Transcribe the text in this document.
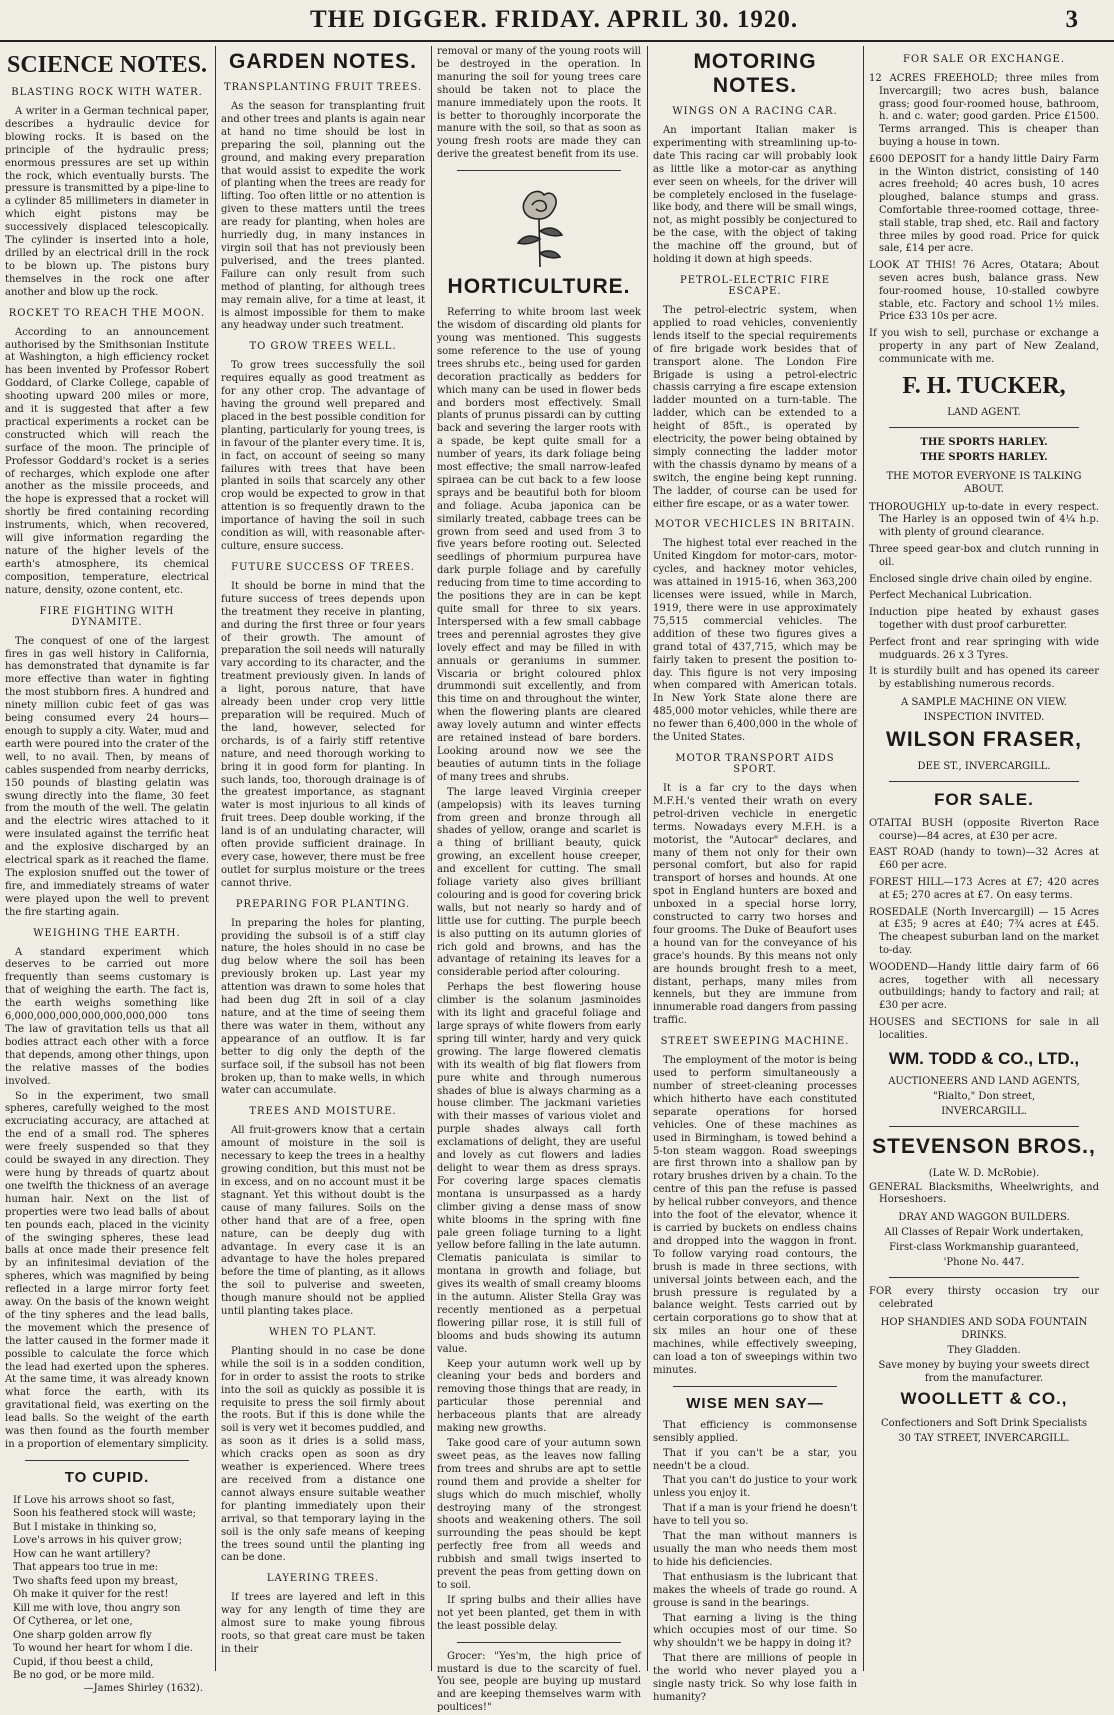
THE DIGGER. FRIDAY. APRIL 30. 1920.	3
SCIENCE NOTES.
BLASTING ROCK WITH WATER.

A writer in a German technical paper, describes a hydraulic device for blowing rocks. It is based on the principle of the hydraulic press; enormous pressures are set up within the rock, which eventually bursts. The pressure is transmitted by a pipe-line to a cylinder 85 millimeters in diameter in which eight pistons may be successively displaced telescopically. The cylinder is inserted into a hole, drilled by an electrical drill in the rock to be blown up. The pistons bury themselves in the rock one after another and blow up the rock.

ROCKET TO REACH THE MOON.

According to an announcement authorised by the Smithsonian Institute at Washington, a high efficiency rocket has been invented by Professor Robert Goddard, of Clarke College, capable of shooting upward 200 miles or more, and it is suggested that after a few practical experiments a rocket can be constructed which will reach the surface of the moon. The principle of Professor Goddard's rocket is a series of recharges, which explode one after another as the missile proceeds, and the hope is expressed that a rocket will shortly be fired containing recording instruments, which, when recovered, will give information regarding the nature of the higher levels of the earth's atmosphere, its chemical composition, temperature, electrical nature, density, ozone content, etc.

FIRE FIGHTING WITH DYNAMITE.

The conquest of one of the largest fires in gas well history in California, has demonstrated that dynamite is far more effective than water in fighting the most stubborn fires. A hundred and ninety million cubic feet of gas was being consumed every 24 hours—enough to supply a city. Water, mud and earth were poured into the crater of the well, to no avail. Then, by means of cables suspended from nearby derricks, 150 pounds of blasting gelatin was swung directly into the flame, 30 feet from the mouth of the well. The gelatin and the electric wires attached to it were insulated against the terrific heat and the explosive discharged by an electrical spark as it reached the flame. The explosion snuffed out the tower of fire, and immediately streams of water were played upon the well to prevent the fire starting again.

WEIGHING THE EARTH.

A standard experiment which deserves to be carried out more frequently than seems customary is that of weighing the earth. The fact is, the earth weighs something like 6,000,000,000,000,000,000,000 tons The law of gravitation tells us that all bodies attract each other with a force that depends, among other things, upon the relative masses of the bodies involved.

So in the experiment, two small spheres, carefully weighed to the most excruciating accuracy, are attached at the end of a small rod. The spheres were freely suspended so that they could be swayed in any direction. They were hung by threads of quartz about one twelfth the thickness of an average human hair. Next on the list of properties were two lead balls of about ten pounds each, placed in the vicinity of the swinging spheres, these lead balls at once made their presence felt by an infinitesimal deviation of the spheres, which was magnified by being reflected in a large mirror forty feet away. On the basis of the known weight of the tiny spheres and the lead balls, the movement which the presence of the latter caused in the former made it possible to calculate the force which the lead had exerted upon the spheres. At the same time, it was already known what force the earth, with its gravitational field, was exerting on the lead balls. So the weight of the earth was then found as the fourth member in a proportion of elementary simplicity.

TO CUPID.
If Love his arrows shoot so fast,
Soon his feathered stock will waste;
But I mistake in thinking so,
Love's arrows in his quiver grow;
How can he want artillery?
That appears too true in me:
Two shafts feed upon my breast,
Oh make it quiver for the rest!
Kill me with love, thou angry son
Of Cytherea, or let one,
One sharp golden arrow fly
To wound her heart for whom I die.
Cupid, if thou beest a child,
Be no god, or be more mild.
—James Shirley (1632).
GARDEN NOTES.
TRANSPLANTING FRUIT TREES.

As the season for transplanting fruit and other trees and plants is again near at hand no time should be lost in preparing the soil, planning out the ground, and making every preparation that would assist to expedite the work of planting when the trees are ready for lifting. Too often little or no attention is given to these matters until the trees are ready for planting, when holes are hurriedly dug, in many instances in virgin soil that has not previously been pulverised, and the trees planted. Failure can only result from such method of planting, for although trees may remain alive, for a time at least, it is almost impossible for them to make any headway under such treatment.

TO GROW TREES WELL.

To grow trees successfully the soil requires equally as good treatment as for any other crop. The advantage of having the ground well prepared and placed in the best possible condition for planting, particularly for young trees, is in favour of the planter every time. It is, in fact, on account of seeing so many failures with trees that have been planted in soils that scarcely any other crop would be expected to grow in that attention is so frequently drawn to the importance of having the soil in such condition as will, with reasonable after-culture, ensure success.

FUTURE SUCCESS OF TREES.

It should be borne in mind that the future success of trees depends upon the treatment they receive in planting, and during the first three or four years of their growth. The amount of preparation the soil needs will naturally vary according to its character, and the treatment previously given. In lands of a light, porous nature, that have already been under crop very little preparation will be required. Much of the land, however, selected for orchards, is of a fairly stiff retentive nature, and need thorough working to bring it in good form for planting. In such lands, too, thorough drainage is of the greatest importance, as stagnant water is most injurious to all kinds of fruit trees. Deep double working, if the land is of an undulating character, will often provide sufficient drainage. In every case, however, there must be free outlet for surplus moisture or the trees cannot thrive.

PREPARING FOR PLANTING.

In preparing the holes for planting, providing the subsoil is of a stiff clay nature, the holes should in no case be dug below where the soil has been previously broken up. Last year my attention was drawn to some holes that had been dug 2ft in soil of a clay nature, and at the time of seeing them there was water in them, without any appearance of an outflow. It is far better to dig only the depth of the surface soil, if the subsoil has not been broken up, than to make wells, in which water can accumulate.

TREES AND MOISTURE.

All fruit-growers know that a certain amount of moisture in the soil is necessary to keep the trees in a healthy growing condition, but this must not be in excess, and on no account must it be stagnant. Yet this without doubt is the cause of many failures. Soils on the other hand that are of a free, open nature, can be deeply dug with advantage. In every case it is an advantage to have the holes prepared before the time of planting, as it allows the soil to pulverise and sweeten, though manure should not be applied until planting takes place.

WHEN TO PLANT.

Planting should in no case be done while the soil is in a sodden condition, for in order to assist the roots to strike into the soil as quickly as possible it is requisite to press the soil firmly about the roots. But if this is done while the soil is very wet it becomes puddled, and as soon as it dries is a solid mass, which cracks open as soon as dry weather is experienced. Where trees are received from a distance one cannot always ensure suitable weather for planting immediately upon their arrival, so that temporary laying in the soil is the only safe means of keeping the trees sound until the planting ing can be done.

LAYERING TREES.

If trees are layered and left in this way for any length of time they are almost sure to make young fibrous roots, so that great care must be taken in their

removal or many of the young roots will be destroyed in the operation. In manuring the soil for young trees care should be taken not to place the manure immediately upon the roots. It is better to thoroughly incorporate the manure with the soil, so that as soon as young fresh roots are made they can derive the greatest benefit from its use.

HORTICULTURE.

Referring to white broom last week the wisdom of discarding old plants for young was mentioned. This suggests some reference to the use of young trees shrubs etc., being used for garden decoration practically as bedders for which many can be used in flower beds and borders most effectively. Small plants of prunus pissardi can by cutting back and severing the larger roots with a spade, be kept quite small for a number of years, its dark foliage being most effective; the small narrow-leafed spiraea can be cut back to a few loose sprays and be beautiful both for bloom and foliage. Acuba japonica can be similarly treated, cabbage trees can be grown from seed and used from 3 to five years before rooting out. Selected seedlings of phormium purpurea have dark purple foliage and by carefully reducing from time to time according to the positions they are in can be kept quite small for three to six years. Interspersed with a few small cabbage trees and perennial agrostes they give lovely effect and may be filled in with annuals or geraniums in summer. Viscaria or bright coloured phlox drummondi suit excellently, and from this time on and throughout the winter, when the flowering plants are cleared away lovely autumn and winter effects are retained instead of bare borders. Looking around now we see the beauties of autumn tints in the foliage of many trees and shrubs.

The large leaved Virginia creeper (ampelopsis) with its leaves turning from green and bronze through all shades of yellow, orange and scarlet is a thing of brilliant beauty, quick growing, an excellent house creeper, and excellent for cutting. The small foliage variety also gives brilliant colouring and is good for covering brick walls, but not nearly so hardy and of little use for cutting. The purple beech is also putting on its autumn glories of rich gold and browns, and has the advantage of retaining its leaves for a considerable period after colouring.

Perhaps the best flowering house climber is the solanum jasminoides with its light and graceful foliage and large sprays of white flowers from early spring till winter, hardy and very quick growing. The large flowered clematis with its wealth of big flat flowers from pure white and through numerous shades of blue is always charming as a house climber. The jackmani varieties with their masses of various violet and purple shades always call forth exclamations of delight, they are useful and lovely as cut flowers and ladies delight to wear them as dress sprays. For covering large spaces clematis montana is unsurpassed as a hardy climber giving a dense mass of snow white blooms in the spring with fine pale green foliage turning to a light yellow before falling in the late autumn. Clematis paniculata is similar to montana in growth and foliage, but gives its wealth of small creamy blooms in the autumn. Alister Stella Gray was recently mentioned as a perpetual flowering pillar rose, it is still full of blooms and buds showing its autumn value.

Keep your autumn work well up by cleaning your beds and borders and removing those things that are ready, in particular those perennial and herbaceous plants that are already making new growths.

Take good care of your autumn sown sweet peas, as the leaves now falling from trees and shrubs are apt to settle round them and provide a shelter for slugs which do much mischief, wholly destroying many of the strongest shoots and weakening others. The soil surrounding the peas should be kept perfectly free from all weeds and rubbish and small twigs inserted to prevent the peas from getting down on to soil.

If spring bulbs and their allies have not yet been planted, get them in with the least possible delay.

Grocer: "Yes'm, the high price of mustard is due to the scarcity of fuel. You see, people are buying up mustard and are keeping themselves warm with poultices!"

MOTORING NOTES.
WINGS ON A RACING CAR.

An important Italian maker is experimenting with streamlining up-to-date This racing car will probably look as little like a motor-car as anything ever seen on wheels, for the driver will be completely enclosed in the fuselage-like body, and there will be small wings, not, as might possibly be conjectured to be the case, with the object of taking the machine off the ground, but of holding it down at high speeds.

PETROL-ELECTRIC FIRE ESCAPE.

The petrol-electric system, when applied to road vehicles, conveniently lends itself to the special requirements of fire brigade work besides that of transport alone. The London Fire Brigade is using a petrol-electric chassis carrying a fire escape extension ladder mounted on a turn-table. The ladder, which can be extended to a height of 85ft., is operated by electricity, the power being obtained by simply connecting the ladder motor with the chassis dynamo by means of a switch, the engine being kept running. The ladder, of course can be used for either fire escape, or as a water tower.

MOTOR VECHICLES IN BRITAIN.

The highest total ever reached in the United Kingdom for motor-cars, motor-cycles, and hackney motor vehicles, was attained in 1915-16, when 363,200 licenses were issued, while in March, 1919, there were in use approximately 75,515 commercial vehicles. The addition of these two figures gives a grand total of 437,715, which may be fairly taken to present the position to-day. This figure is not very imposing when compared with American totals. In New York State alone there are 485,000 motor vehicles, while there are no fewer than 6,400,000 in the whole of the United States.

MOTOR TRANSPORT AIDS SPORT.

It is a far cry to the days when M.F.H.'s vented their wrath on every petrol-driven vechicle in energetic terms. Nowadays every M.F.H. is a motorist, the "Autocar" declares, and many of them not only for their own personal comfort, but also for rapid transport of horses and hounds. At one spot in England hunters are boxed and unboxed in a special horse lorry, constructed to carry two horses and four grooms. The Duke of Beaufort uses a hound van for the conveyance of his grace's hounds. By this means not only are hounds brought fresh to a meet, distant, perhaps, many miles from kennels, but they are immune from innumerable road dangers from passing traffic.

STREET SWEEPING MACHINE.

The employment of the motor is being used to perform simultaneously a number of street-cleaning processes which hitherto have each constituted separate operations for horsed vehicles. One of these machines as used in Birmingham, is towed behind a 5-ton steam waggon. Road sweepings are first thrown into a shallow pan by rotary brushes driven by a chain. To the centre of this pan the refuse is passed by helical rubber conveyors, and thence into the foot of the elevator, whence it is carried by buckets on endless chains and dropped into the waggon in front. To follow varying road contours, the brush is made in three sections, with universal joints between each, and the brush pressure is regulated by a balance weight. Tests carried out by certain corporations go to show that at six miles an hour one of these machines, while effectively sweeping, can load a ton of sweepings within two minutes.

WISE MEN SAY—

That efficiency is commonsense sensibly applied.

That if you can't be a star, you needn't be a cloud.

That you can't do justice to your work unless you enjoy it.

That if a man is your friend he doesn't have to tell you so.

That the man without manners is usually the man who needs them most to hide his deficiencies.

That enthusiasm is the lubricant that makes the wheels of trade go round. A grouse is sand in the bearings.

That earning a living is the thing which occupies most of our time. So why shouldn't we be happy in doing it?

That there are millions of people in the world who never played you a single nasty trick. So why lose faith in humanity?

FOR SALE OR EXCHANGE.

12 ACRES FREEHOLD; three miles from Invercargill; two acres bush, balance grass; good four-roomed house, bathroom, h. and c. water; good garden. Price £1500. Terms arranged. This is cheaper than buying a house in town.

£600 DEPOSIT for a handy little Dairy Farm in the Winton district, consisting of 140 acres freehold; 40 acres bush, 10 acres ploughed, balance stumps and grass. Comfortable three-roomed cottage, three-stall stable, trap shed, etc. Rail and factory three miles by good road. Price for quick sale, £14 per acre.

LOOK AT THIS! 76 Acres, Otatara; About seven acres bush, balance grass. New four-roomed house, 10-stalled cowbyre stable, etc. Factory and school 1½ miles. Price £33 10s per acre.

If you wish to sell, purchase or exchange a property in any part of New Zealand, communicate with me.

F. H. TUCKER,
LAND AGENT.
THE SPORTS HARLEY.
THE SPORTS HARLEY.
THE MOTOR EVERYONE IS TALKING ABOUT.

THOROUGHLY up-to-date in every respect. The Harley is an opposed twin of 4¼ h.p. with plenty of ground clearance.

Three speed gear-box and clutch running in oil.

Enclosed single drive chain oiled by engine.

Perfect Mechanical Lubrication.

Induction pipe heated by exhaust gases together with dust proof carburetter.

Perfect front and rear springing with wide mudguards. 26 x 3 Tyres.

It is sturdily built and has opened its career by establishing numerous records.

A SAMPLE MACHINE ON VIEW.
INSPECTION INVITED.
WILSON FRASER,
DEE ST., INVERCARGILL.
FOR SALE.

OTAITAI BUSH (opposite Riverton Race course)—84 acres, at £30 per acre.

EAST ROAD (handy to town)—32 Acres at £60 per acre.

FOREST HILL—173 Acres at £7; 420 acres at £5; 270 acres at £7. On easy terms.

ROSEDALE (North Invercargill) — 15 Acres at £35; 9 acres at £40; 7¾ acres at £45. The cheapest suburban land on the market to-day.

WOODEND—Handy little dairy farm of 66 acres, together with all necessary outbuildings; handy to factory and rail; at £30 per acre.

HOUSES and SECTIONS for sale in all localities.

WM. TODD & CO., LTD.,
AUCTIONEERS AND LAND AGENTS,
"Rialto," Don street,
INVERCARGILL.
STEVENSON BROS.,
(Late W. D. McRobie).

GENERAL Blacksmiths, Wheelwrights, and Horseshoers.

DRAY AND WAGGON BUILDERS.
All Classes of Repair Work undertaken,
First-class Workmanship guaranteed,
'Phone No. 447.

FOR every thirsty occasion try our celebrated

HOP SHANDIES AND SODA FOUNTAIN DRINKS.
They Gladden.
Save money by buying your sweets direct from the manufacturer.
WOOLLETT & CO.,
Confectioners and Soft Drink Specialists
30 TAY STREET, INVERCARGILL.
